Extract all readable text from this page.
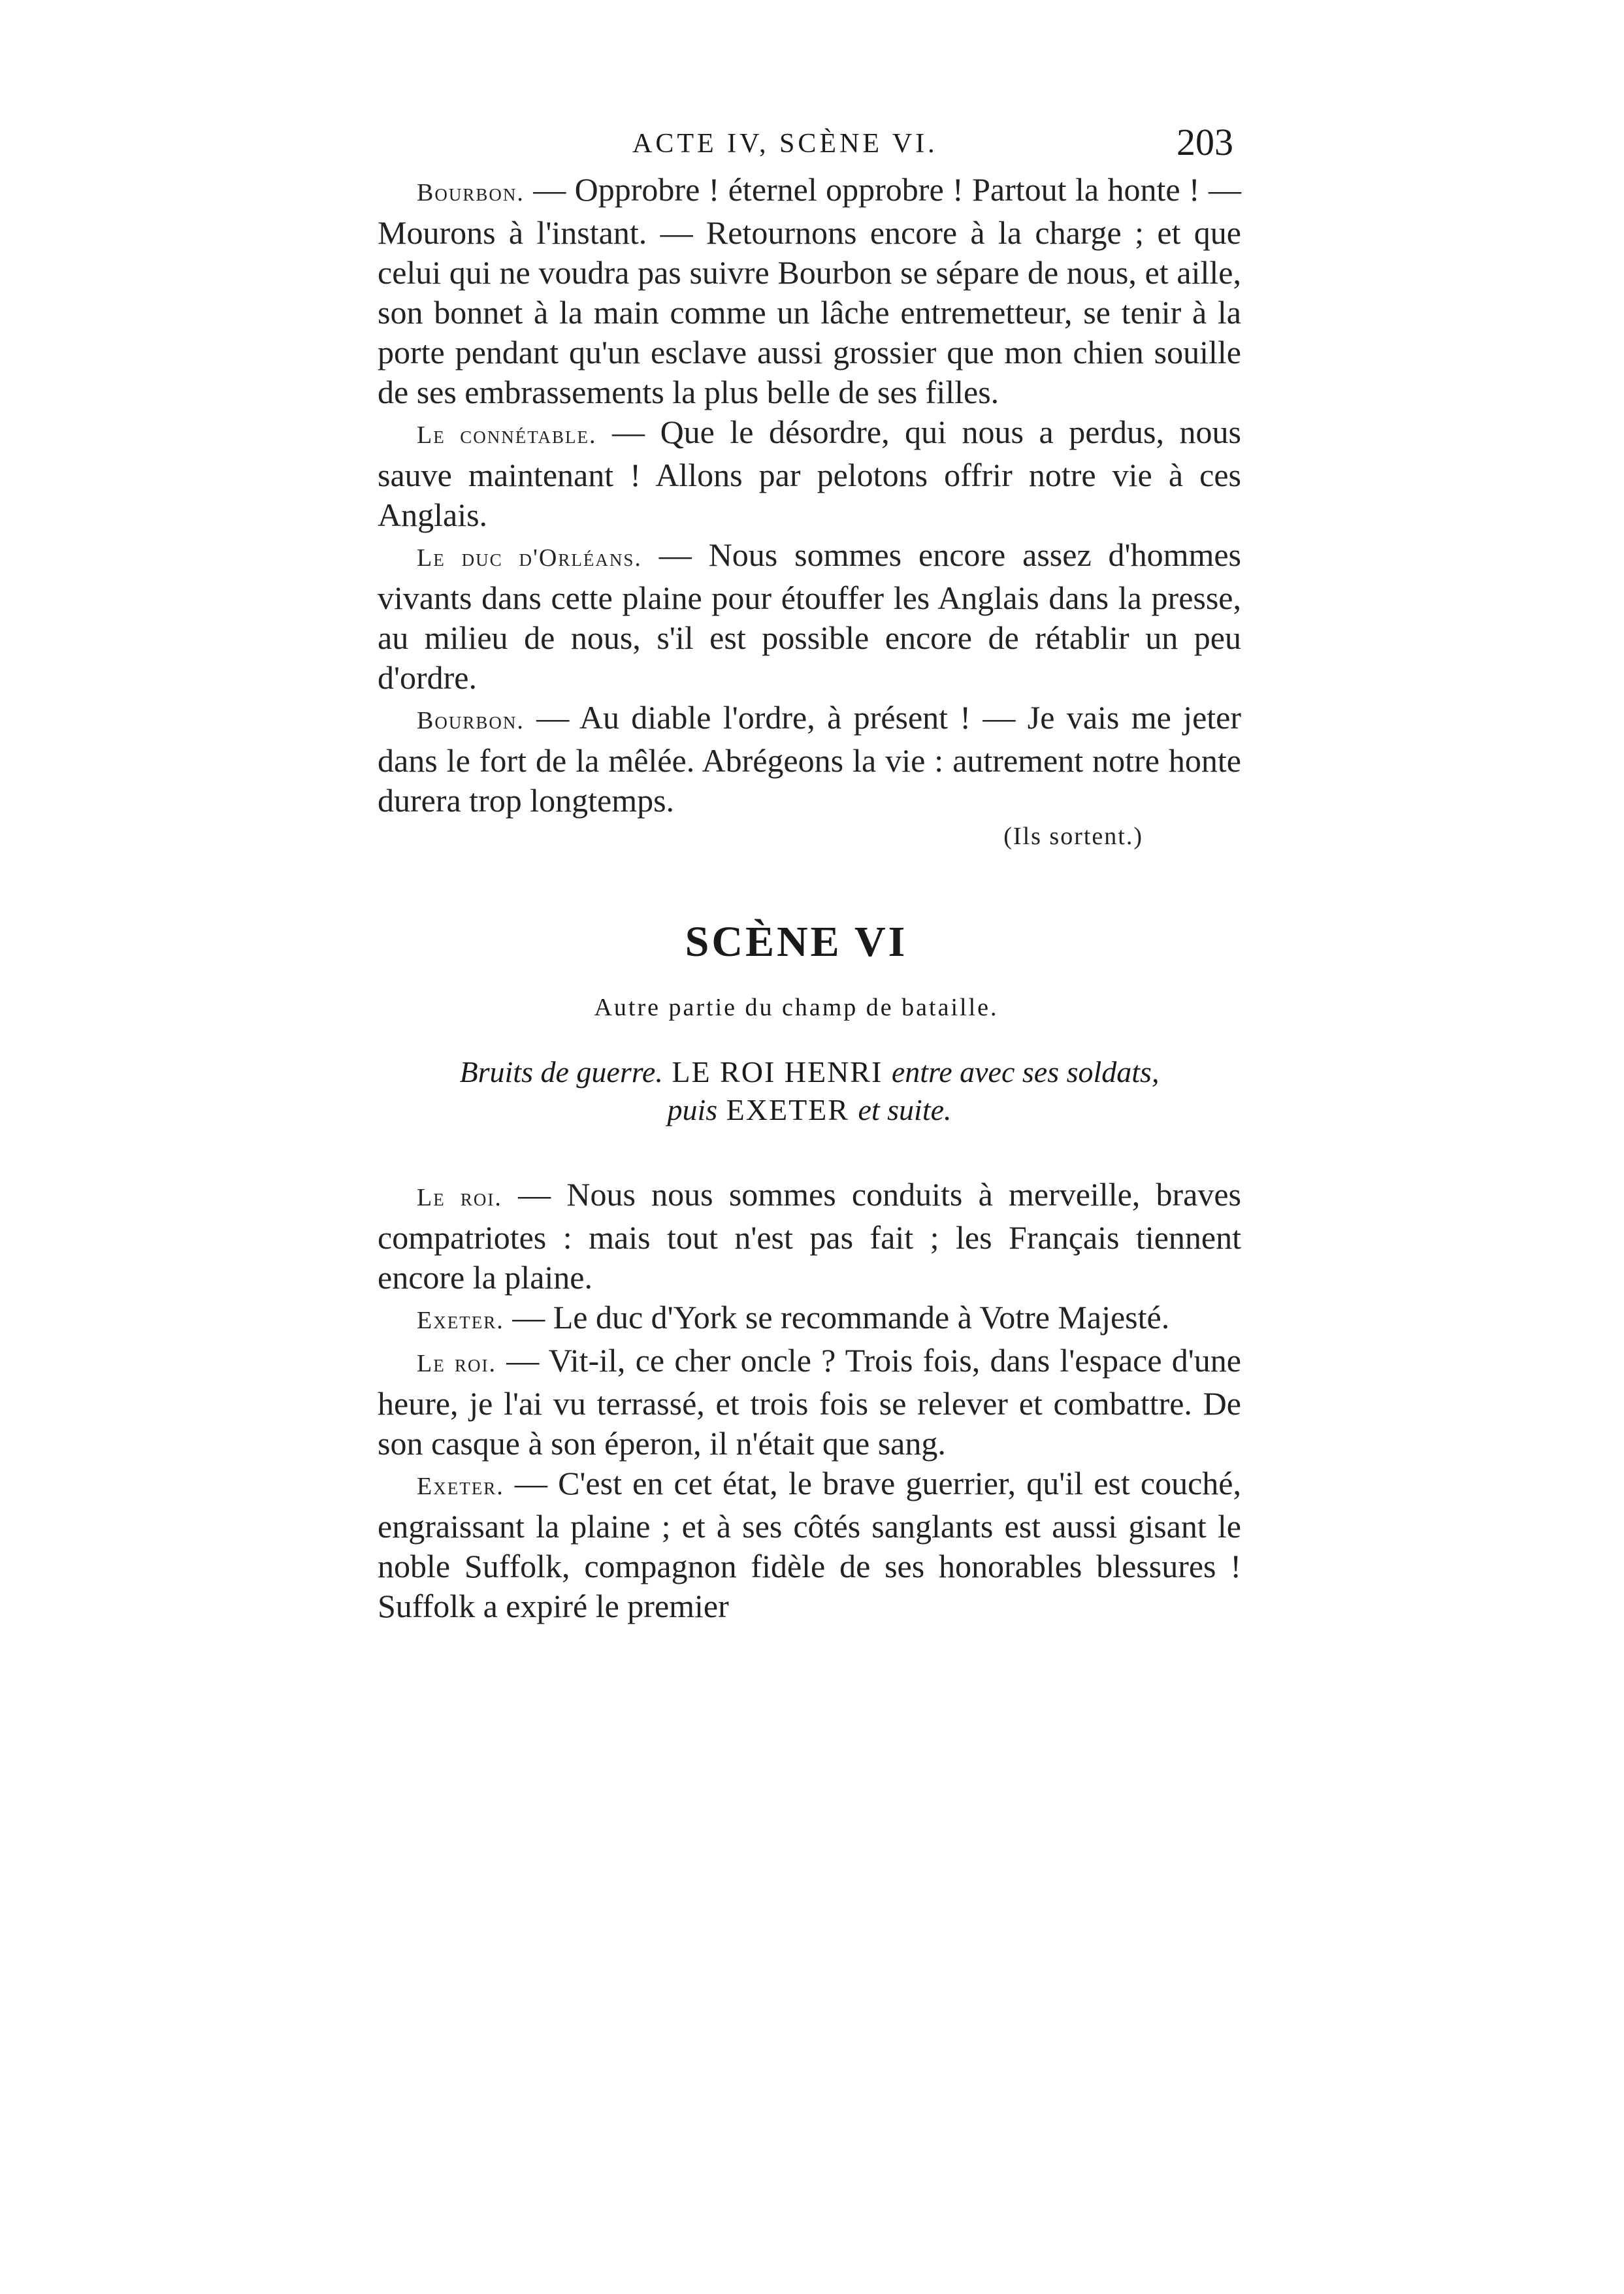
ACTE IV, SCÈNE VI.	203

Bourbon. — Opprobre ! éternel opprobre ! Partout la honte ! — Mourons à l'instant. — Retournons encore à la charge ; et que celui qui ne voudra pas suivre Bourbon se sépare de nous, et aille, son bonnet à la main comme un lâche entremetteur, se tenir à la porte pendant qu'un esclave aussi grossier que mon chien souille de ses embrassements la plus belle de ses filles.

Le connétable. — Que le désordre, qui nous a perdus, nous sauve maintenant ! Allons par pelotons offrir notre vie à ces Anglais.

Le duc d'Orléans. — Nous sommes encore assez d'hommes vivants dans cette plaine pour étouffer les Anglais dans la presse, au milieu de nous, s'il est possible encore de rétablir un peu d'ordre.

Bourbon. — Au diable l'ordre, à présent ! — Je vais me jeter dans le fort de la mêlée. Abrégeons la vie : autrement notre honte durera trop longtemps.

(Ils sortent.)

SCÈNE VI

Autre partie du champ de bataille.

Bruits de guerre. LE ROI HENRI entre avec ses soldats,
puis EXETER et suite.

Le roi. — Nous nous sommes conduits à merveille, braves compatriotes : mais tout n'est pas fait ; les Français tiennent encore la plaine.

Exeter. — Le duc d'York se recommande à Votre Majesté.

Le roi. — Vit-il, ce cher oncle ? Trois fois, dans l'espace d'une heure, je l'ai vu terrassé, et trois fois se relever et combattre. De son casque à son éperon, il n'était que sang.

Exeter. — C'est en cet état, le brave guerrier, qu'il est couché, engraissant la plaine ; et à ses côtés sanglants est aussi gisant le noble Suffolk, compagnon fidèle de ses honorables blessures ! Suffolk a expiré le premier
